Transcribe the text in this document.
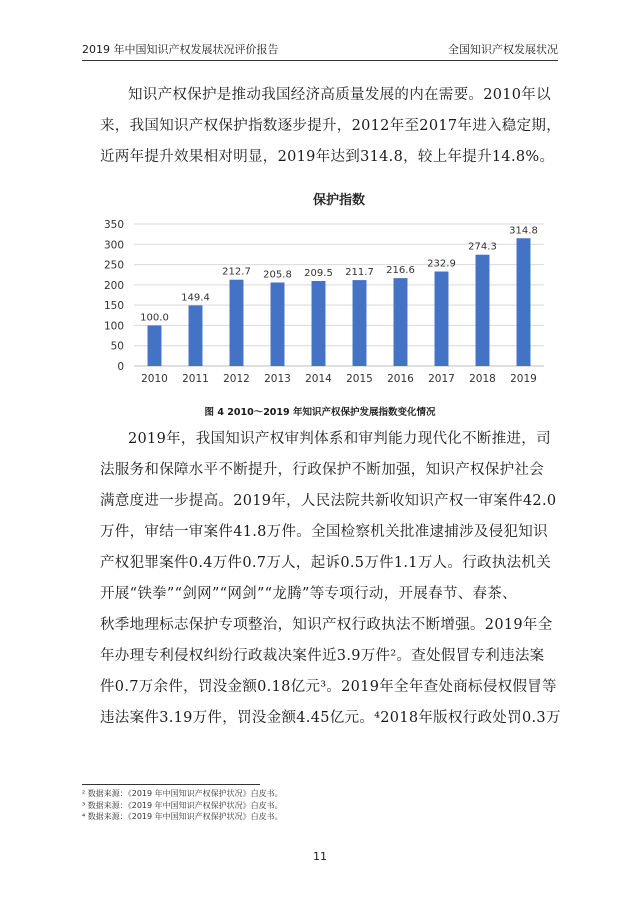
2019 年中国知识产权发展状况评价报告	全国知识产权发展状况

知识产权保护是推动我国经济高质量发展的内在需要。2010年以
来，我国知识产权保护指数逐步提升，2012年至2017年进入稳定期，
近两年提升效果相对明显，2019年达到314.8，较上年提升14.8%。

保护指数
0
50
100
150
200
250
300
350
100.0
2010
149.4
2011
212.7
2012
205.8
2013
209.5
2014
211.7
2015
216.6
2016
232.9
2017
274.3
2018
314.8
2019
图 4 2010～2019 年知识产权保护发展指数变化情况

2019年，我国知识产权审判体系和审判能力现代化不断推进，司
法服务和保障水平不断提升，行政保护不断加强，知识产权保护社会
满意度进一步提高。2019年，人民法院共新收知识产权一审案件42.0
万件，审结一审案件41.8万件。全国检察机关批准逮捕涉及侵犯知识
产权犯罪案件0.4万件0.7万人，起诉0.5万件1.1万人。行政执法机关
开展“铁拳”“剑网”“网剑”“龙腾”等专项行动，开展春节、春茶、
秋季地理标志保护专项整治，知识产权行政执法不断增强。2019年全
年办理专利侵权纠纷行政裁决案件近3.9万件²。查处假冒专利违法案
件0.7万余件，罚没金额0.18亿元³。2019年全年查处商标侵权假冒等
违法案件3.19万件，罚没金额4.45亿元。⁴2018年版权行政处罚0.3万

² 数据来源：《2019 年中国知识产权保护状况》白皮书。
³ 数据来源：《2019 年中国知识产权保护状况》白皮书。
⁴ 数据来源：《2019 年中国知识产权保护状况》白皮书。
11
